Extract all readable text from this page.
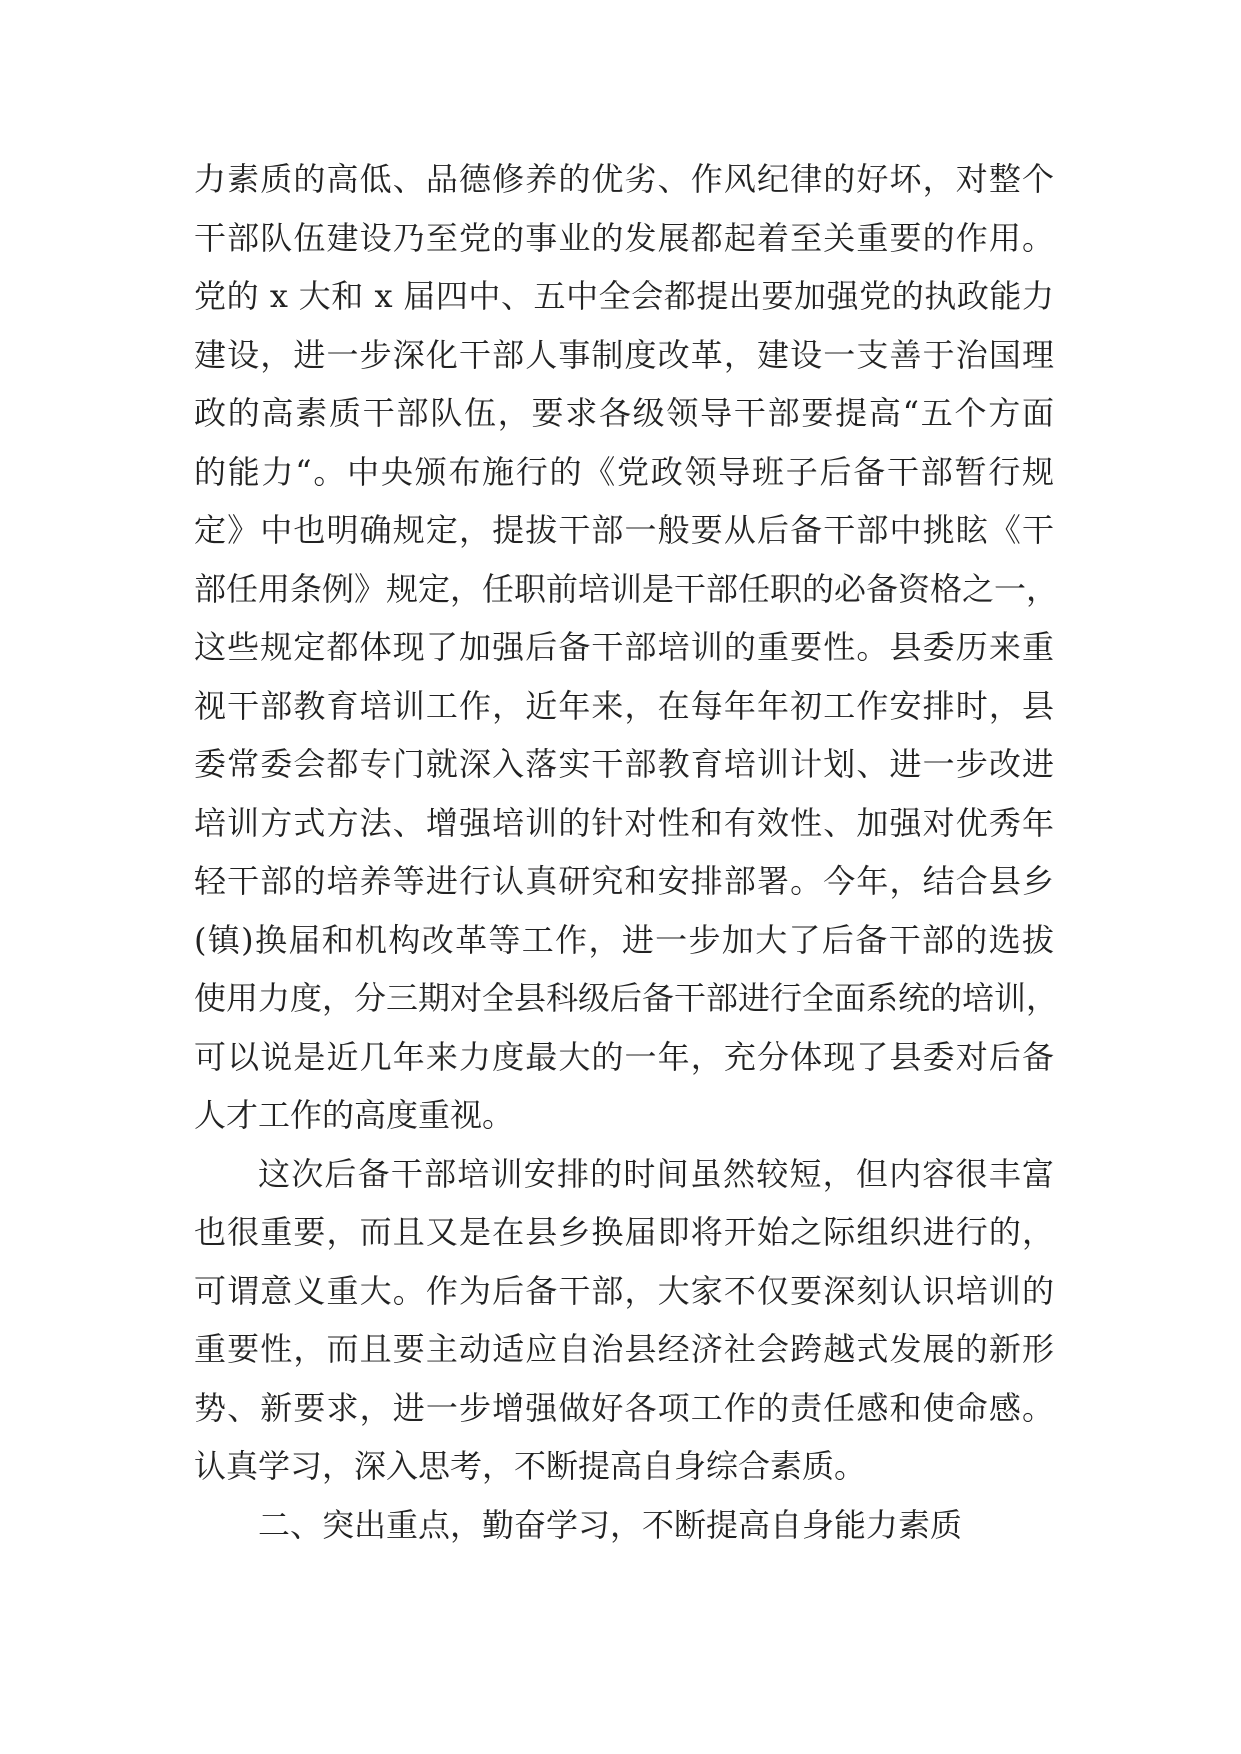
力素质的高低、品德修养的优劣、作风纪律的好坏，对整个
干部队伍建设乃至党的事业的发展都起着至关重要的作用。
党的 x 大和 x 届四中、五中全会都提出要加强党的执政能力
建设，进一步深化干部人事制度改革，建设一支善于治国理
政的高素质干部队伍，要求各级领导干部要提高“五个方面
的能力“。中央颁布施行的《党政领导班子后备干部暂行规
定》中也明确规定，提拔干部一般要从后备干部中挑眩《干
部任用条例》规定，任职前培训是干部任职的必备资格之一，
这些规定都体现了加强后备干部培训的重要性。县委历来重
视干部教育培训工作，近年来，在每年年初工作安排时，县
委常委会都专门就深入落实干部教育培训计划、进一步改进
培训方式方法、增强培训的针对性和有效性、加强对优秀年
轻干部的培养等进行认真研究和安排部署。今年，结合县乡
(镇)换届和机构改革等工作，进一步加大了后备干部的选拔
使用力度，分三期对全县科级后备干部进行全面系统的培训，
可以说是近几年来力度最大的一年，充分体现了县委对后备
人才工作的高度重视。
这次后备干部培训安排的时间虽然较短，但内容很丰富
也很重要，而且又是在县乡换届即将开始之际组织进行的，
可谓意义重大。作为后备干部，大家不仅要深刻认识培训的
重要性，而且要主动适应自治县经济社会跨越式发展的新形
势、新要求，进一步增强做好各项工作的责任感和使命感。
认真学习，深入思考，不断提高自身综合素质。
二、突出重点，勤奋学习，不断提高自身能力素质
